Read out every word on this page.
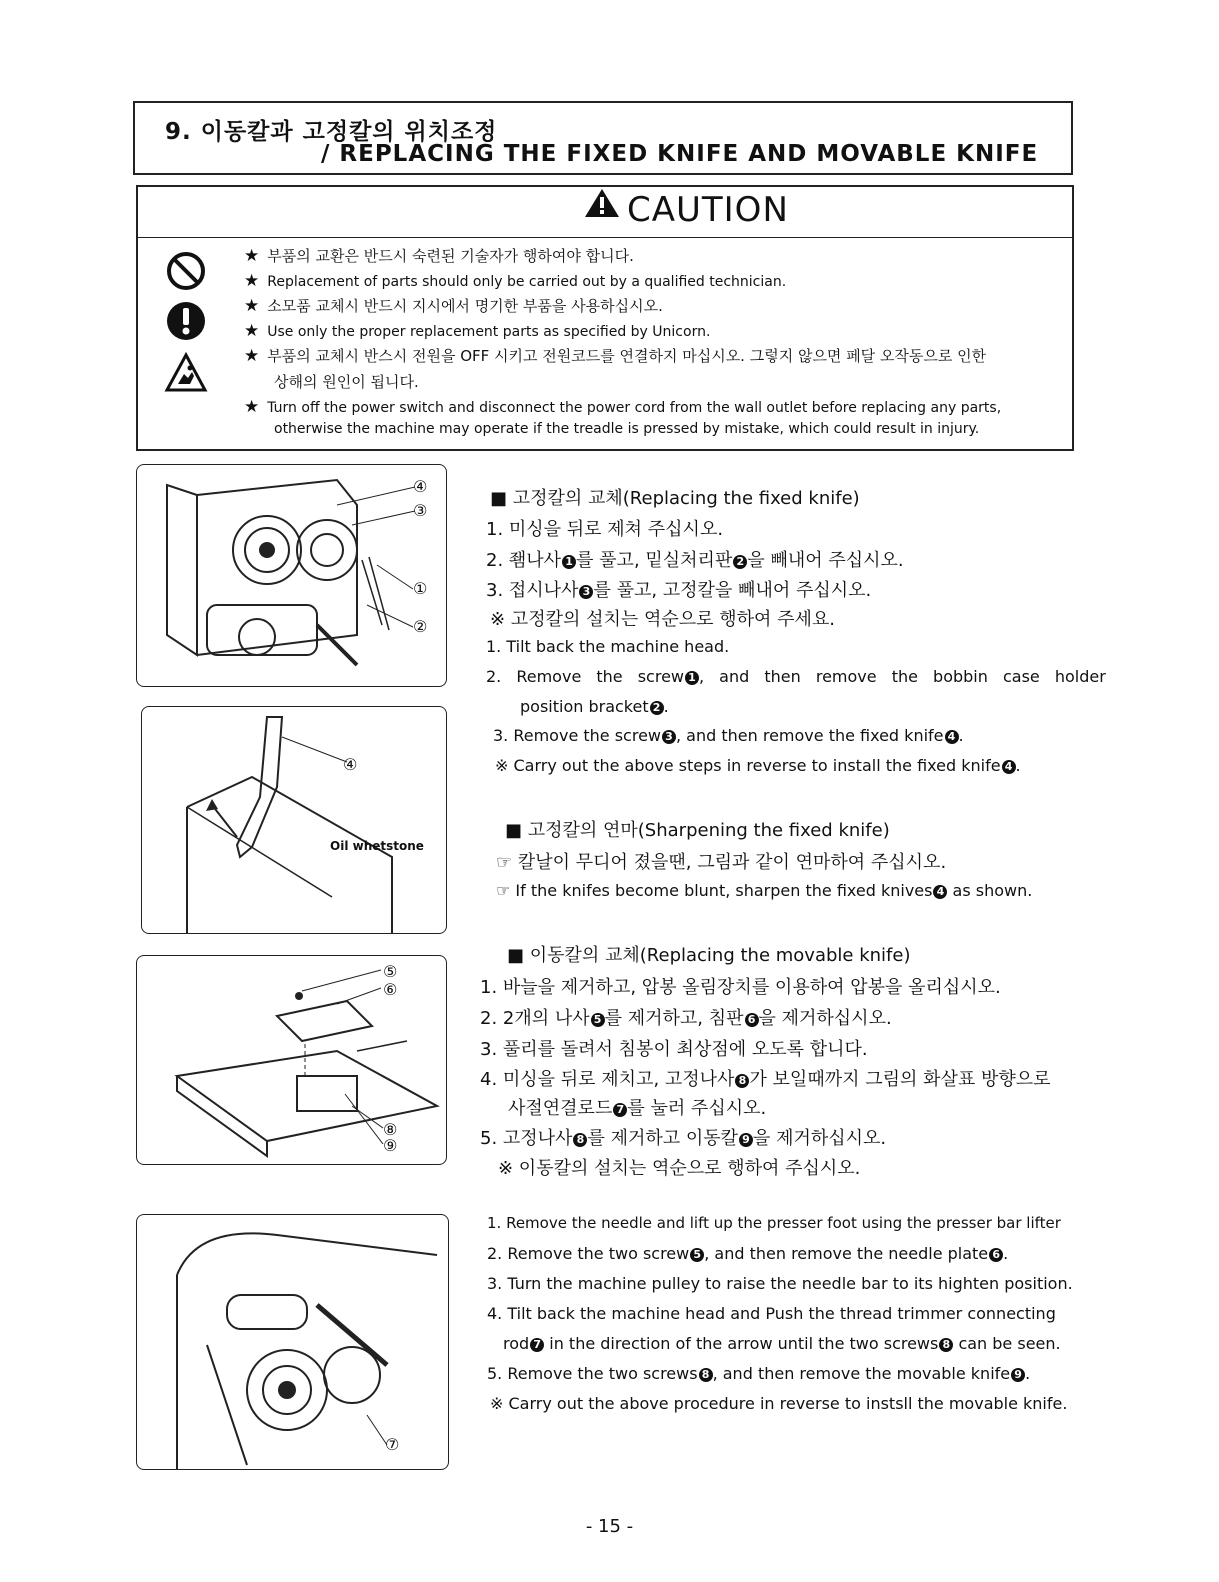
9. 이동칼과 고정칼의 위치조정
/ REPLACING THE FIXED KNIFE AND MOVABLE KNIFE
CAUTION
★ 부품의 교환은 반드시 숙련된 기술자가 행하여야 합니다.
★ Replacement of parts should only be carried out by a qualified technician.
★ 소모품 교체시 반드시 지시에서 명기한 부품을 사용하십시오.
★ Use only the proper replacement parts as specified by Unicorn.
★ 부품의 교체시 반스시 전원을 OFF 시키고 전원코드를 연결하지 마십시오. 그렇지 않으면 페달 오작동으로 인한
상해의 원인이 됩니다.
★ Turn off the power switch and disconnect the power cord from the wall outlet before replacing any parts,
otherwise the machine may operate if the treadle is pressed by mistake, which could result in injury.
④
③
①
②
④
Oil whetstone
⑤
⑥
⑧
⑨
⑦
■ 고정칼의 교체(Replacing the fixed knife)
1. 미싱을 뒤로 제쳐 주십시오.
2. 좸나사 1 를 풀고, 밑실처리판 2 을 빼내어 주십시오.
3. 접시나사 3 를 풀고, 고정칼을 빼내어 주십시오.
※ 고정칼의 설치는 역순으로 행하여 주세요.
1. Tilt back the machine head.
2. Remove the screw 1 , and then remove the bobbin case holder
position bracket 2 .
3. Remove the screw 3 , and then remove the fixed knife 4 .
※ Carry out the above steps in reverse to install the fixed knife 4 .
■ 고정칼의 연마(Sharpening the fixed knife)
☞ 칼날이 무디어 졌을땐, 그림과 같이 연마하여 주십시오.
☞ If the knifes become blunt, sharpen the fixed knives 4 as shown.
■ 이동칼의 교체(Replacing the movable knife)
1. 바늘을 제거하고, 압봉 올림장치를 이용하여 압봉을 올리십시오.
2. 2개의 나사 5 를 제거하고, 침판 6 을 제거하십시오.
3. 풀리를 돌려서 침봉이 최상점에 오도록 합니다.
4. 미싱을 뒤로 제치고, 고정나사 8 가 보일때까지 그림의 화살표 방향으로
사절연결로드 7 를 눌러 주십시오.
5. 고정나사 8 를 제거하고 이동칼 9 을 제거하십시오.
※ 이동칼의 설치는 역순으로 행하여 주십시오.
1. Remove the needle and lift up the presser foot using the presser bar lifter
2. Remove the two screw 5 , and then remove the needle plate 6 .
3. Turn the machine pulley to raise the needle bar to its highten position.
4. Tilt back the machine head and Push the thread trimmer connecting
rod 7 in the direction of the arrow until the two screws 8 can be seen.
5. Remove the two screws 8 , and then remove the movable knife 9 .
※ Carry out the above procedure in reverse to instsll the movable knife.
- 15 -
